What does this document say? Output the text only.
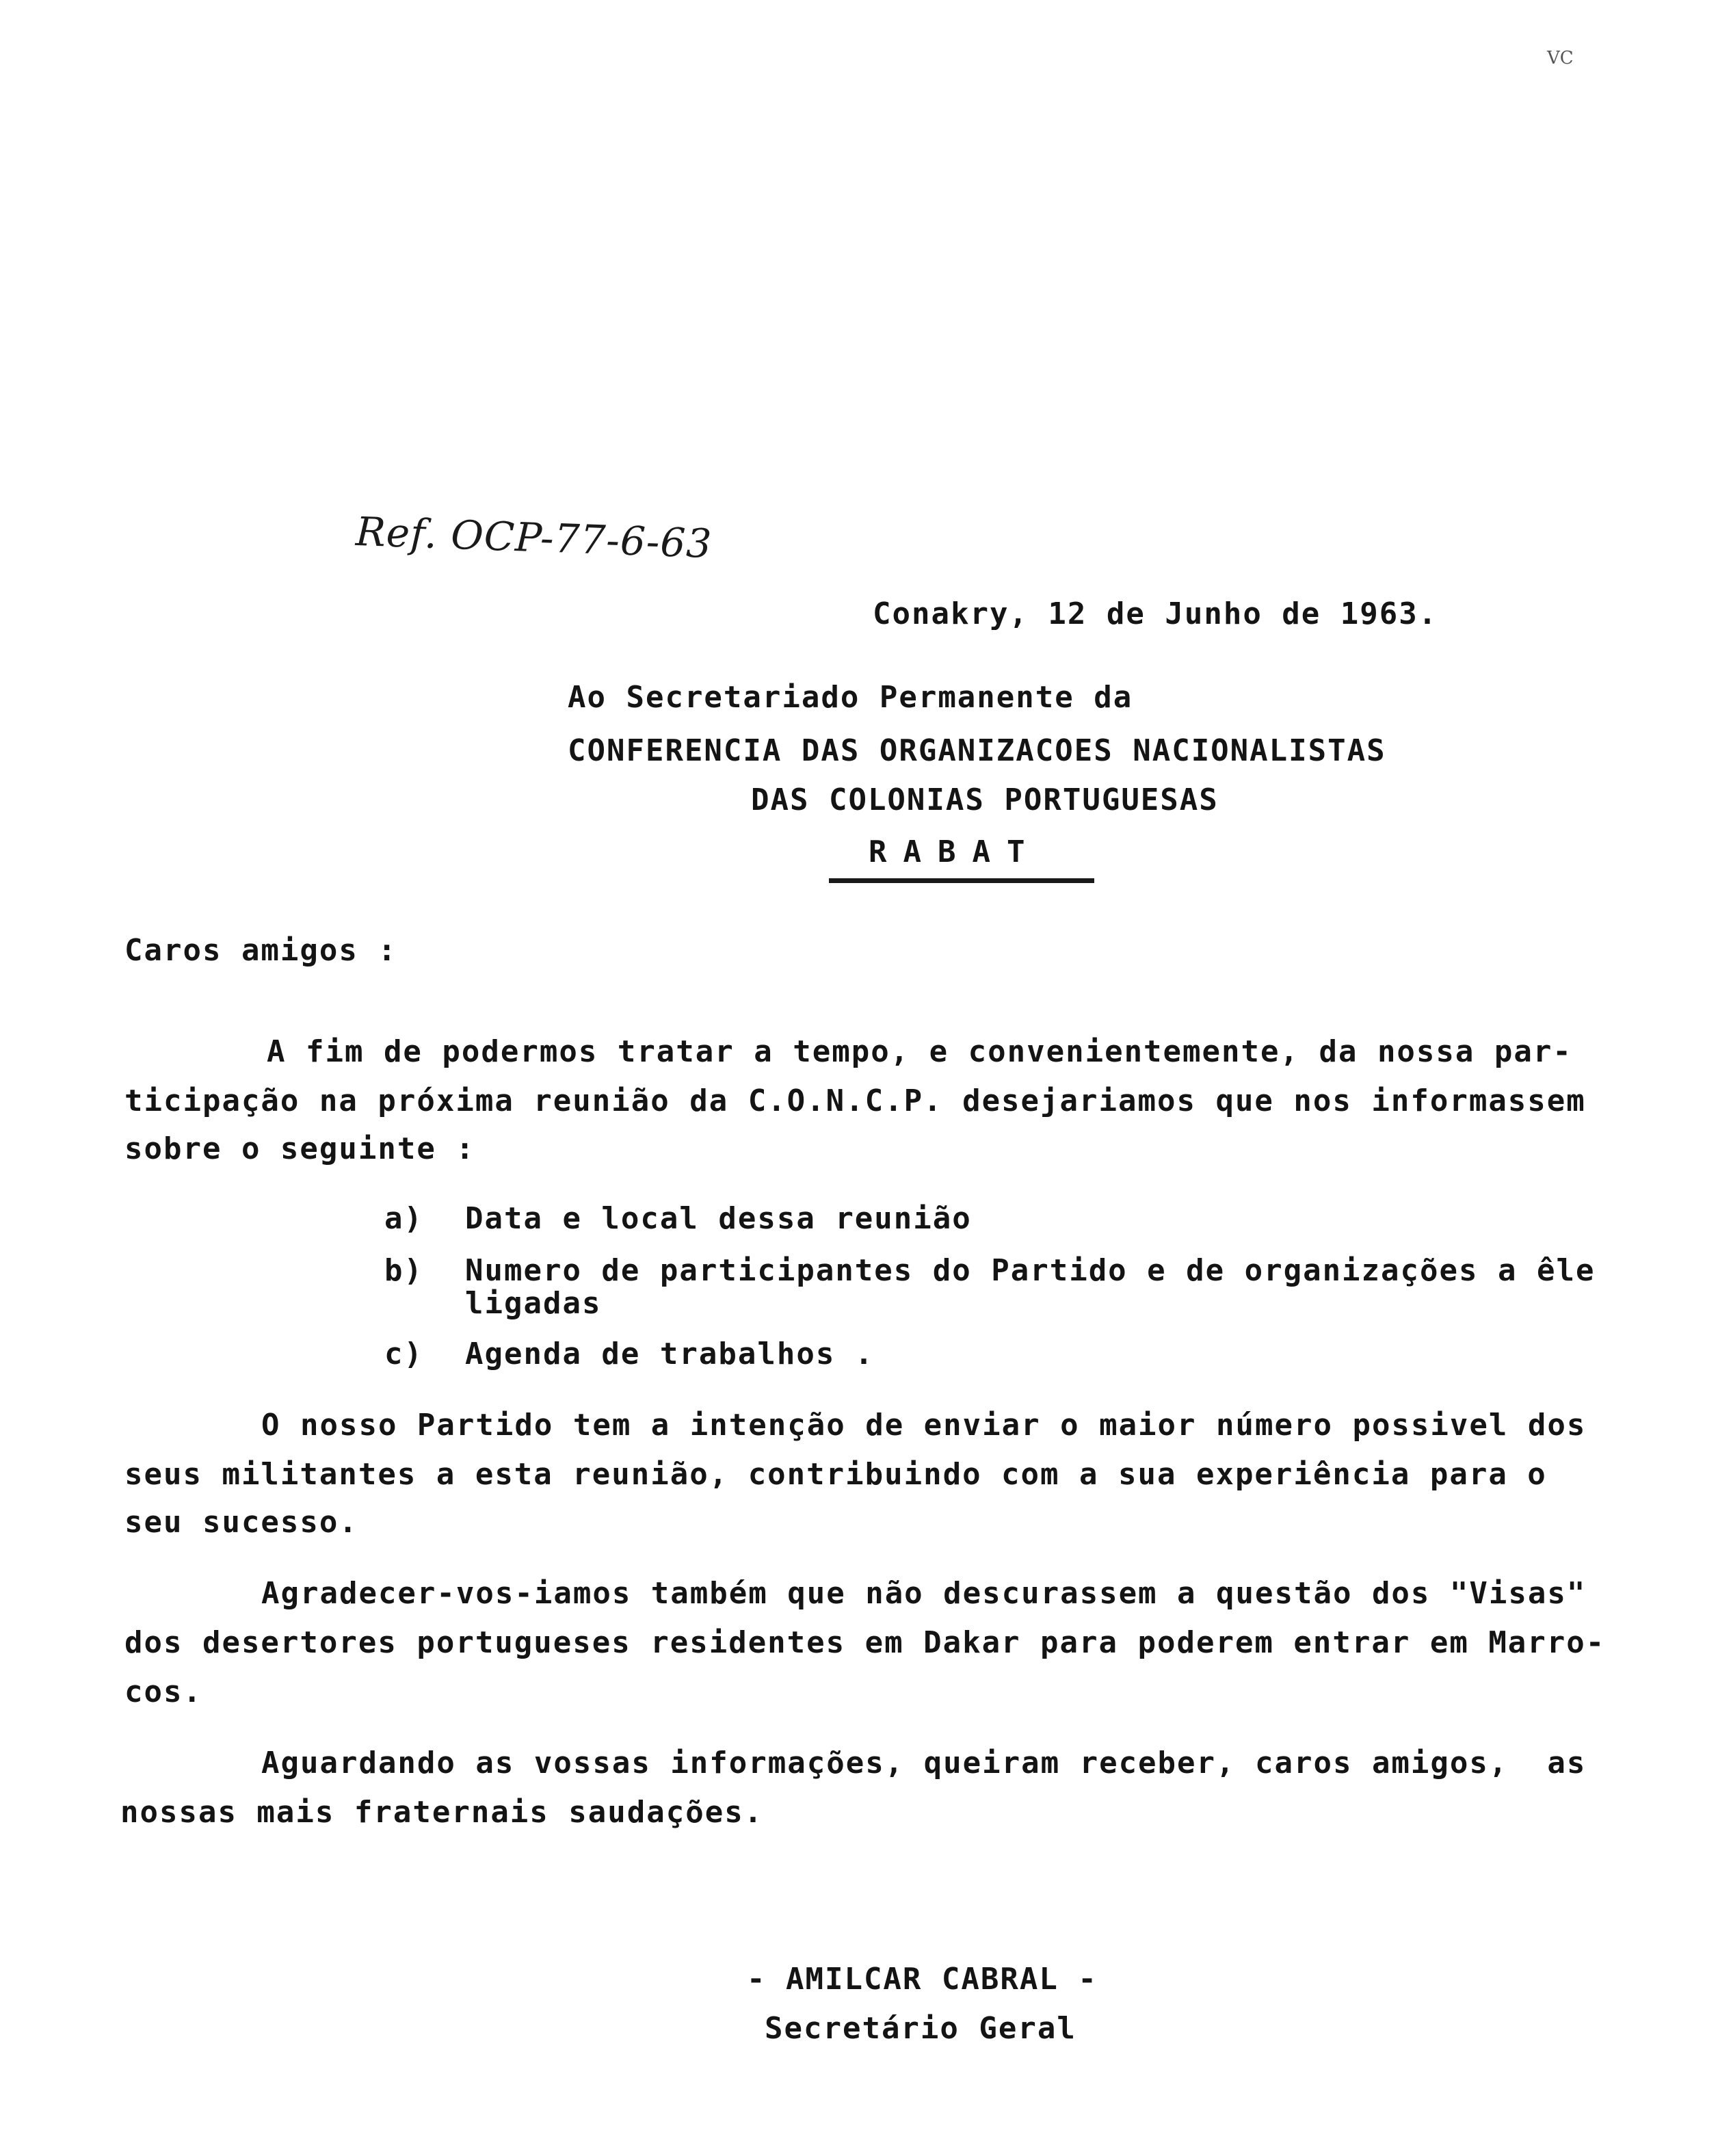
VC
Ref. OCP-77-6-63
Conakry, 12 de Junho de 1963.
Ao Secretariado Permanente da
CONFERENCIA DAS ORGANIZACOES NACIONALISTAS
DAS COLONIAS PORTUGUESAS
RABAT
Caros amigos :
A fim de podermos tratar a tempo, e convenientemente, da nossa par-
ticipação na próxima reunião da C.O.N.C.P. desejariamos que nos informassem
sobre o seguinte :
a) Data e local dessa reunião
b) Numero de participantes do Partido e de organizações a êle
ligadas
c) Agenda de trabalhos .
O nosso Partido tem a intenção de enviar o maior número possivel dos
seus militantes a esta reunião, contribuindo com a sua experiência para o
seu sucesso.
Agradecer-vos-iamos também que não descurassem a questão dos "Visas"
dos desertores portugueses residentes em Dakar para poderem entrar em Marro-
cos.
Aguardando as vossas informações, queiram receber, caros amigos,  as
nossas mais fraternais saudações.
- AMILCAR CABRAL -
Secretário Geral
